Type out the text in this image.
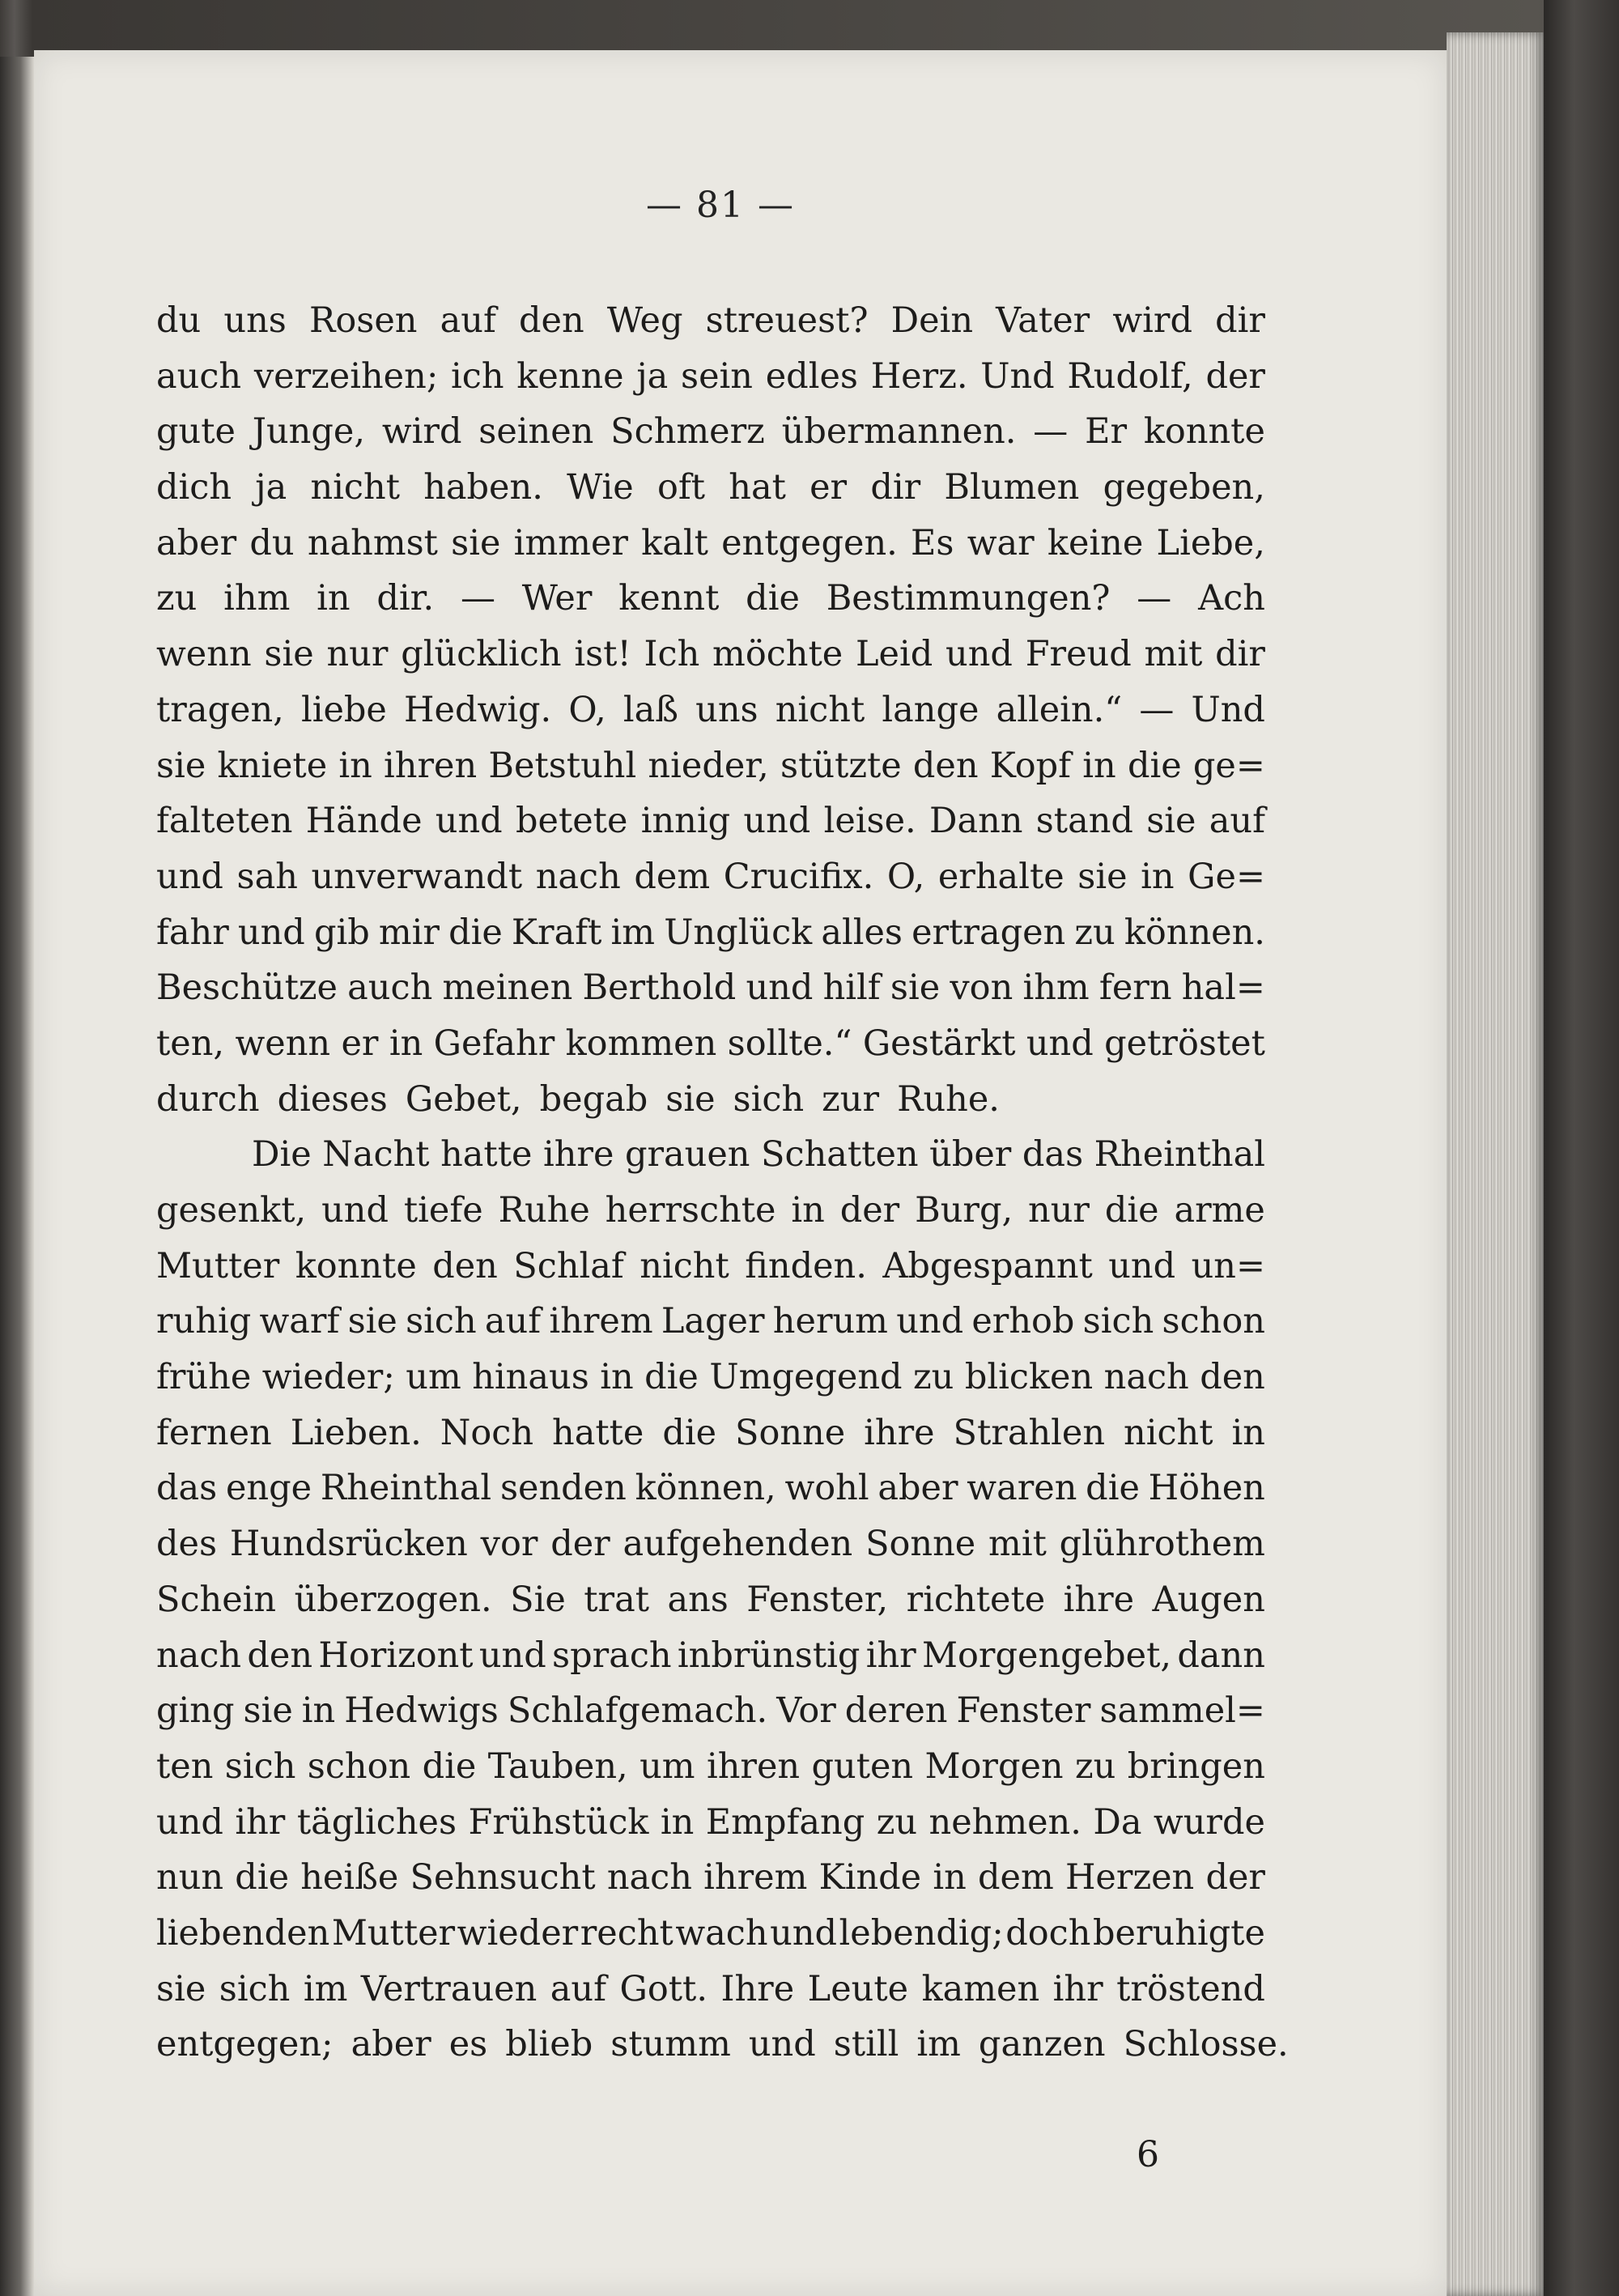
— 81 —
du uns Rosen auf den Weg streuest? Dein Vater wird dir
auch verzeihen; ich kenne ja sein edles Herz. Und Rudolf, der
gute Junge, wird seinen Schmerz übermannen. — Er konnte
dich ja nicht haben. Wie oft hat er dir Blumen gegeben,
aber du nahmst sie immer kalt entgegen. Es war keine Liebe,
zu ihm in dir. — Wer kennt die Bestimmungen? — Ach
wenn sie nur glücklich ist! Ich möchte Leid und Freud mit dir
tragen, liebe Hedwig. O, laß uns nicht lange allein.“ — Und
sie kniete in ihren Betstuhl nieder, stützte den Kopf in die ge=
falteten Hände und betete innig und leise. Dann stand sie auf
und sah unverwandt nach dem Crucifix. O, erhalte sie in Ge=
fahr und gib mir die Kraft im Unglück alles ertragen zu können.
Beschütze auch meinen Berthold und hilf sie von ihm fern hal=
ten, wenn er in Gefahr kommen sollte.“ Gestärkt und getröstet
durch dieses Gebet, begab sie sich zur Ruhe.
Die Nacht hatte ihre grauen Schatten über das Rheinthal
gesenkt, und tiefe Ruhe herrschte in der Burg, nur die arme
Mutter konnte den Schlaf nicht finden. Abgespannt und un=
ruhig warf sie sich auf ihrem Lager herum und erhob sich schon
frühe wieder; um hinaus in die Umgegend zu blicken nach den
fernen Lieben. Noch hatte die Sonne ihre Strahlen nicht in
das enge Rheinthal senden können, wohl aber waren die Höhen
des Hundsrücken vor der aufgehenden Sonne mit glührothem
Schein überzogen. Sie trat ans Fenster, richtete ihre Augen
nach den Horizont und sprach inbrünstig ihr Morgengebet, dann
ging sie in Hedwigs Schlafgemach. Vor deren Fenster sammel=
ten sich schon die Tauben, um ihren guten Morgen zu bringen
und ihr tägliches Frühstück in Empfang zu nehmen. Da wurde
nun die heiße Sehnsucht nach ihrem Kinde in dem Herzen der
liebenden Mutter wieder recht wach und lebendig; doch beruhigte
sie sich im Vertrauen auf Gott. Ihre Leute kamen ihr tröstend
entgegen; aber es blieb stumm und still im ganzen Schlosse.
6
